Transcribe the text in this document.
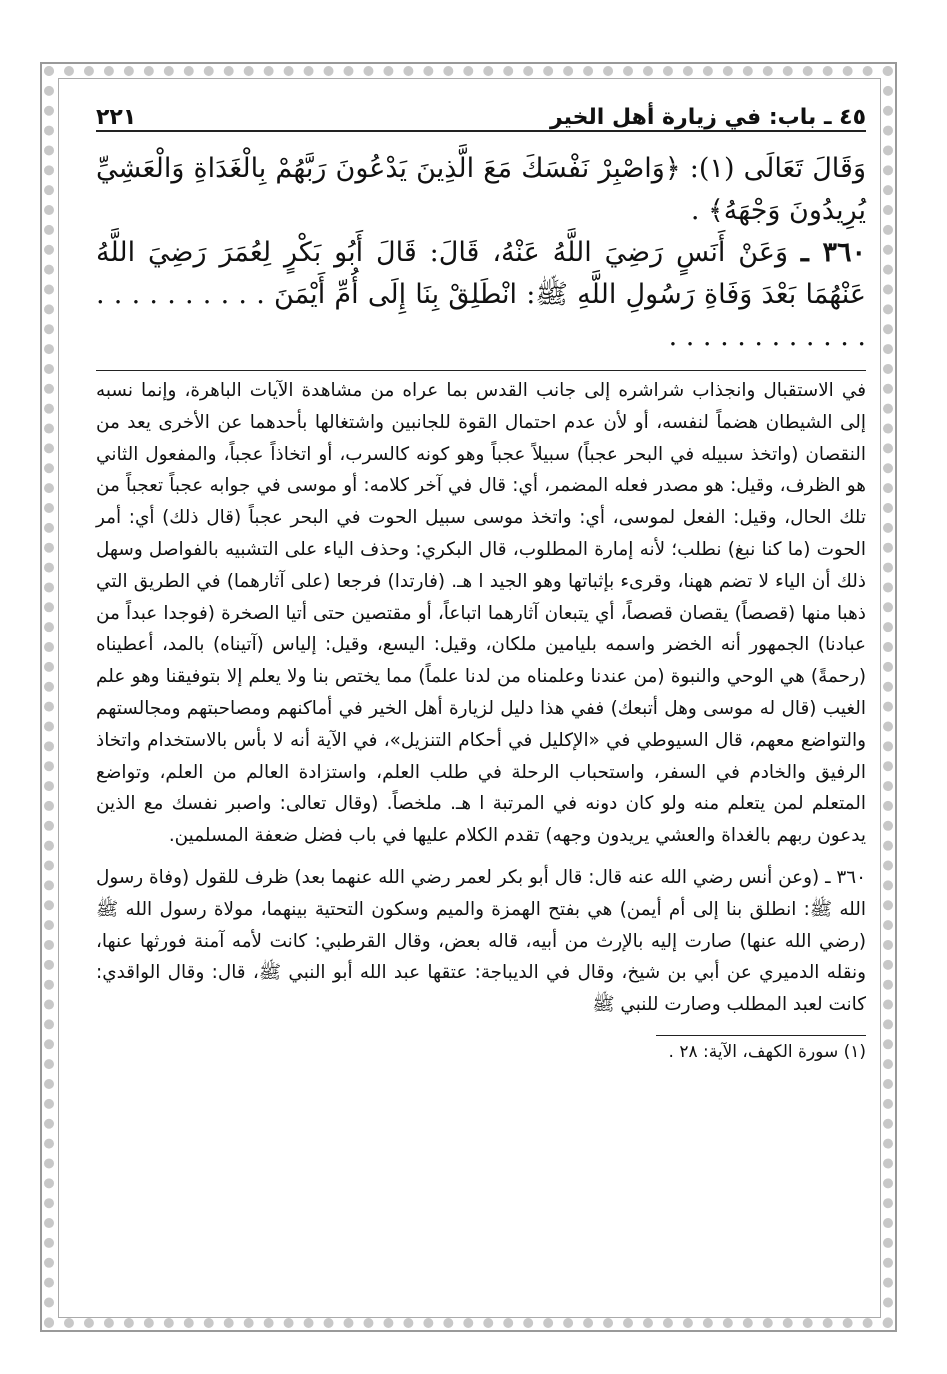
٤٥ ـ باب: في زيارة أهل الخير
٢٢١

وَقَالَ تَعَالَى (١): ﴿وَاصْبِرْ نَفْسَكَ مَعَ الَّذِينَ يَدْعُونَ رَبَّهُمْ بِالْغَدَاةِ وَالْعَشِيِّ يُرِيدُونَ وَجْهَهُ﴾ .

٣٦٠ ـ وَعَنْ أَنَسٍ رَضِيَ اللَّهُ عَنْهُ، قَالَ: قَالَ أَبُو بَكْرٍ لِعُمَرَ رَضِيَ اللَّهُ عَنْهُمَا بَعْدَ وَفَاةِ رَسُولِ اللَّهِ ﷺ: انْطَلِقْ بِنَا إِلَى أُمِّ أَيْمَنَ . . . . . . . . . . . . . . . . . . . . . .

في الاستقبال وانجذاب شراشره إلى جانب القدس بما عراه من مشاهدة الآيات الباهرة، وإنما نسبه إلى الشيطان هضماً لنفسه، أو لأن عدم احتمال القوة للجانبين واشتغالها بأحدهما عن الأخرى يعد من النقصان (واتخذ سبيله في البحر عجباً) سبيلاً عجباً وهو كونه كالسرب، أو اتخاذاً عجباً، والمفعول الثاني هو الظرف، وقيل: هو مصدر فعله المضمر، أي: قال في آخر كلامه: أو موسى في جوابه عجباً تعجباً من تلك الحال، وقيل: الفعل لموسى، أي: واتخذ موسى سبيل الحوت في البحر عجباً (قال ذلك) أي: أمر الحوت (ما كنا نبغ) نطلب؛ لأنه إمارة المطلوب، قال البكري: وحذف الياء على التشبيه بالفواصل وسهل ذلك أن الياء لا تضم ههنا، وقرىء بإثباتها وهو الجيد ا هـ. (فارتدا) فرجعا (على آثارهما) في الطريق التي ذهبا منها (قصصاً) يقصان قصصاً، أي يتبعان آثارهما اتباعاً، أو مقتصين حتى أتيا الصخرة (فوجدا عبداً من عبادنا) الجمهور أنه الخضر واسمه بليامين ملكان، وقيل: اليسع، وقيل: إلياس (آتيناه) بالمد، أعطيناه (رحمةً) هي الوحي والنبوة (من عندنا وعلمناه من لدنا علماً) مما يختص بنا ولا يعلم إلا بتوفيقنا وهو علم الغيب (قال له موسى وهل أتبعك) ففي هذا دليل لزيارة أهل الخير في أماكنهم ومصاحبتهم ومجالستهم والتواضع معهم، قال السيوطي في «الإكليل في أحكام التنزيل»، في الآية أنه لا بأس بالاستخدام واتخاذ الرفيق والخادم في السفر، واستحباب الرحلة في طلب العلم، واستزادة العالم من العلم، وتواضع المتعلم لمن يتعلم منه ولو كان دونه في المرتبة ا هـ. ملخصاً. (وقال تعالى: واصبر نفسك مع الذين يدعون ربهم بالغداة والعشي يريدون وجهه) تقدم الكلام عليها في باب فضل ضعفة المسلمين.

٣٦٠ ـ (وعن أنس رضي الله عنه قال: قال أبو بكر لعمر رضي الله عنهما بعد) ظرف للقول (وفاة رسول الله ﷺ: انطلق بنا إلى أم أيمن) هي بفتح الهمزة والميم وسكون التحتية بينهما، مولاة رسول الله ﷺ (رضي الله عنها) صارت إليه بالإرث من أبيه، قاله بعض، وقال القرطبي: كانت لأمه آمنة فورثها عنها، ونقله الدميري عن أبي بن شيخ، وقال في الديباجة: عتقها عبد الله أبو النبي ﷺ، قال: وقال الواقدي: كانت لعبد المطلب وصارت للنبي ﷺ

(١) سورة الكهف، الآية: ٢٨ .
